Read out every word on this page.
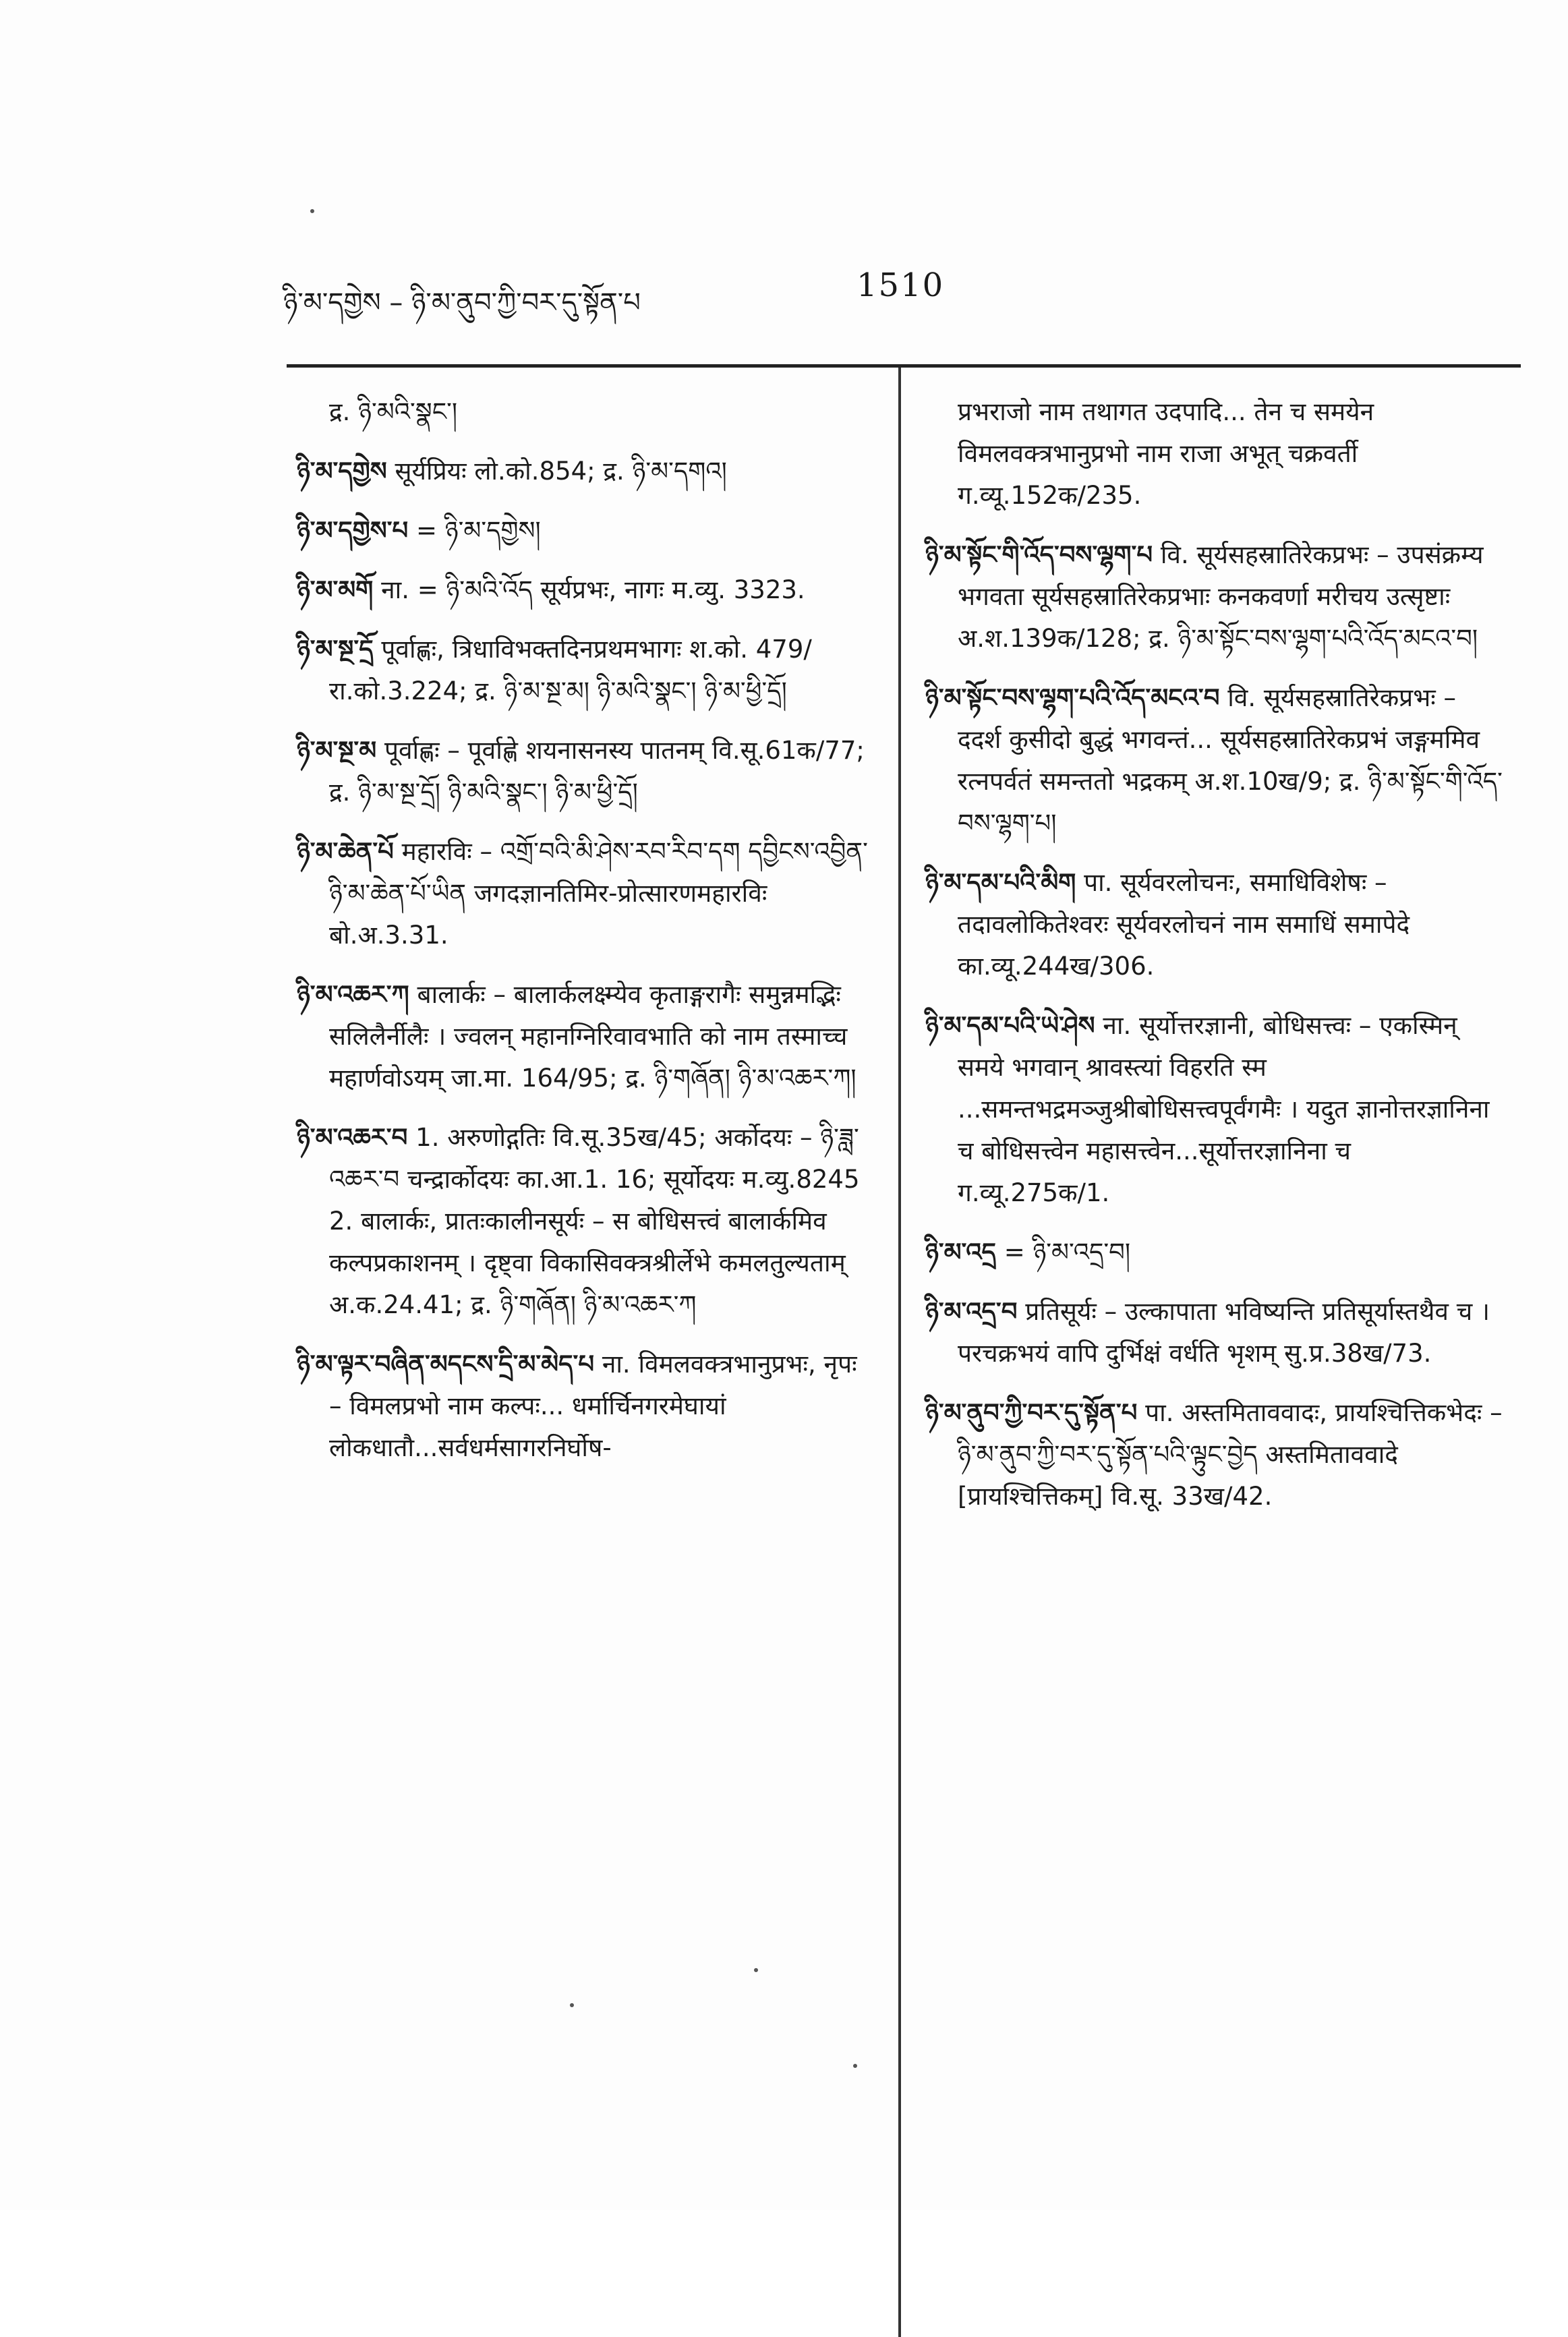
ཉི་མ་དགྱེས – ཉི་མ་ནུབ་ཀྱི་བར་དུ་སྟོན་པ	1510

द्र. ཉི་མའི་སྣང་།

ཉི་མ་དགྱེས सूर्यप्रियः लो.को.854; द्र. ཉི་མ་དགའ།

ཉི་མ་དགྱེས་པ = ཉི་མ་དགྱེས།

ཉི་མ་མགོ ना. = ཉི་མའི་འོད सूर्यप्रभः, नागः म.व्यु. 3323.

ཉི་མ་སྔ་དྲོ पूर्वाह्णः, त्रिधाविभक्तदिनप्रथमभागः श.को. 479/रा.को.3.224; द्र. ཉི་མ་སྔ་མ། ཉི་མའི་སྣང་། ཉི་མ་ཕྱི་དྲོ།

ཉི་མ་སྔ་མ पूर्वाह्णः – पूर्वाह्णे शयनासनस्य पातनम् वि.सू.61क/77; द्र. ཉི་མ་སྔ་དྲོ། ཉི་མའི་སྣང་། ཉི་མ་ཕྱི་དྲོ།

ཉི་མ་ཆེན་པོ महारविः – འགྲོ་བའི་མི་ཤེས་རབ་རིབ་དག དབྱིངས་འབྱིན་ཉི་མ་ཆེན་པོ་ཡིན जगदज्ञानतिमिर-प्रोत्सारणमहारविः बो.अ.3.31.

ཉི་མ་འཆར་ཀ बालार्कः – बालार्कलक्ष्म्येव कृताङ्गरागैः समुन्नमद्भिः सलिलैर्नीलैः । ज्वलन् महानग्निरिवावभाति को नाम तस्माच्च महार्णवोऽयम् जा.मा. 164/95; द्र. ཉི་གཞོན། ཉི་མ་འཆར་ཀ།

ཉི་མ་འཆར་བ 1. अरुणोद्गतिः वि.सू.35ख/45; अर्कोदयः – ཉི་ཟླ་འཆར་བ चन्द्रार्कोदयः का.आ.1. 16; सूर्योदयः म.व्यु.8245 2. बालार्कः, प्रातःकालीनसूर्यः – स बोधिसत्त्वं बालार्कमिव कल्पप्रकाशनम् । दृष्ट्वा विकासिवक्त्रश्रीर्लेभे कमलतुल्यताम् अ.क.24.41; द्र. ཉི་གཞོན། ཉི་མ་འཆར་ཀ

ཉི་མ་ལྟར་བཞིན་མདངས་དྲི་མ་མེད་པ ना. विमलवक्त्रभानुप्रभः, नृपः – विमलप्रभो नाम कल्पः... धर्मार्चिनगरमेघायां लोकधातौ...सर्वधर्मसागरनिर्घोष-

प्रभराजो नाम तथागत उदपादि... तेन च समयेन विमलवक्त्रभानुप्रभो नाम राजा अभूत् चक्रवर्ती ग.व्यू.152क/235.

ཉི་མ་སྟོང་གི་འོད་བས་ལྷག་པ वि. सूर्यसहस्रातिरेकप्रभः – उपसंक्रम्य भगवता सूर्यसहस्रातिरेकप्रभाः कनकवर्णा मरीचय उत्सृष्टाः अ.श.139क/128; द्र. ཉི་མ་སྟོང་བས་ལྷག་པའི་འོད་མངའ་བ།

ཉི་མ་སྟོང་བས་ལྷག་པའི་འོད་མངའ་བ वि. सूर्यसहस्रातिरेकप्रभः – ददर्श कुसीदो बुद्धं भगवन्तं... सूर्यसहस्रातिरेकप्रभं जङ्गममिव रत्नपर्वतं समन्ततो भद्रकम् अ.श.10ख/9; द्र. ཉི་མ་སྟོང་གི་འོད་བས་ལྷག་པ།

ཉི་མ་དམ་པའི་མིག पा. सूर्यवरलोचनः, समाधिविशेषः – तदावलोकितेश्वरः सूर्यवरलोचनं नाम समाधिं समापेदे का.व्यू.244ख/306.

ཉི་མ་དམ་པའི་ཡེ་ཤེས ना. सूर्योत्तरज्ञानी, बोधिसत्त्वः – एकस्मिन् समये भगवान् श्रावस्त्यां विहरति स्म ...समन्तभद्रमञ्जुश्रीबोधिसत्त्वपूर्वंगमैः । यदुत ज्ञानोत्तरज्ञानिना च बोधिसत्त्वेन महासत्त्वेन...सूर्योत्तरज्ञानिना च ग.व्यू.275क/1.

ཉི་མ་འདྲ = ཉི་མ་འདྲ་བ།

ཉི་མ་འདྲ་བ प्रतिसूर्यः – उल्कापाता भविष्यन्ति प्रतिसूर्यास्तथैव च । परचक्रभयं वापि दुर्भिक्षं वर्धति भृशम् सु.प्र.38ख/73.

ཉི་མ་ནུབ་ཀྱི་བར་དུ་སྟོན་པ पा. अस्तमिताववादः, प्रायश्चित्तिकभेदः – ཉི་མ་ནུབ་ཀྱི་བར་དུ་སྟོན་པའི་ལྟུང་བྱེད अस्तमिताववादे [प्रायश्चित्तिकम्] वि.सू. 33ख/42.
